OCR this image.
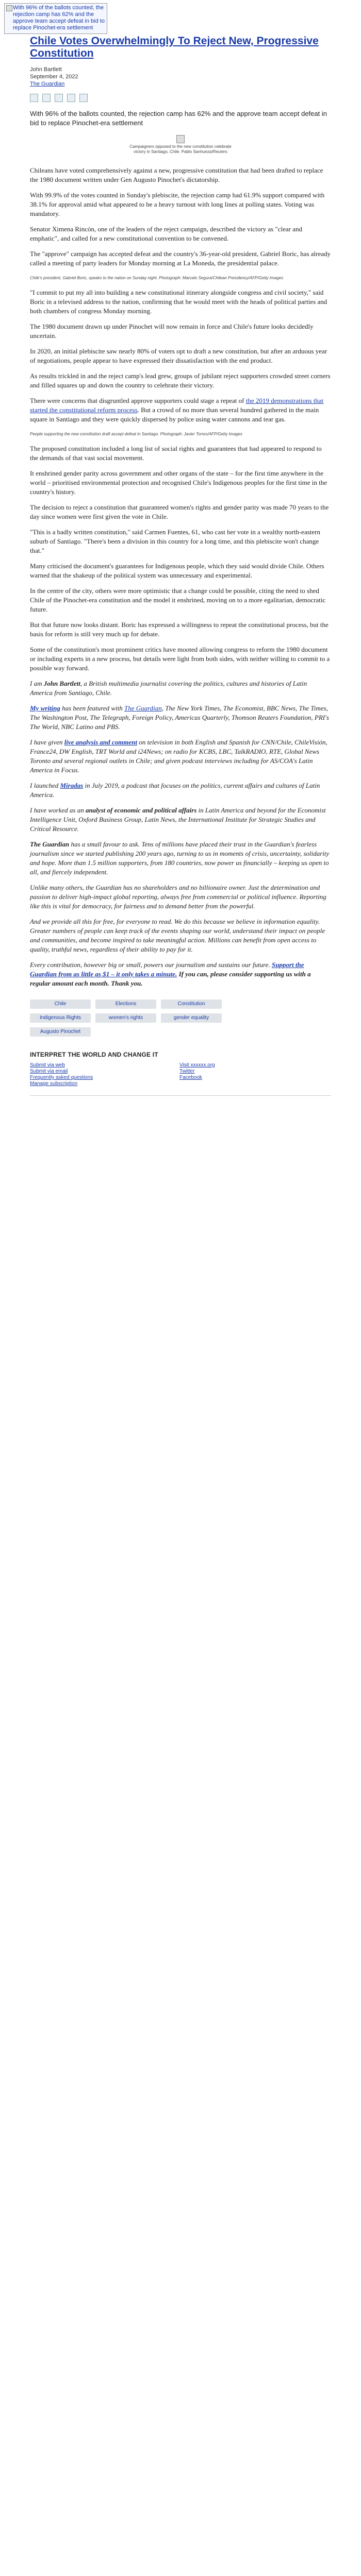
With 96% of the ballots counted, the rejection camp has 62% and the approve team accept defeat in bid to replace Pinochet-era settlement
Chile Votes Overwhelmingly To Reject New, Progressive Constitution
John Bartlett
September 4, 2022
The Guardian

With 96% of the ballots counted, the rejection camp has 62% and the approve team accept defeat in bid to replace Pinochet-era settlement

Campaigners opposed to the new constitution celebrate victory in Santiago, Chile. Pablo Sanhueza/Reuters

Chileans have voted comprehensively against a new, progressive constitution that had been drafted to replace the 1980 document written under Gen Augusto Pinochet's dictatorship.

With 99.9% of the votes counted in Sunday's plebiscite, the rejection camp had 61.9% support compared with 38.1% for approval amid what appeared to be a heavy turnout with long lines at polling states. Voting was mandatory.

Senator Ximena Rincón, one of the leaders of the reject campaign, described the victory as "clear and emphatic", and called for a new constitutional convention to be convened.

The "approve" campaign has accepted defeat and the country's 36-year-old president, Gabriel Boric, has already called a meeting of party leaders for Monday morning at La Moneda, the presidential palace.

Chile's president, Gabriel Boric, speaks to the nation on Sunday night. Photograph: Marcelo Segura/Chilean Presidency/AFP/Getty Images

"I commit to put my all into building a new constitutional itinerary alongside congress and civil society," said Boric in a televised address to the nation, confirming that he would meet with the heads of political parties and both chambers of congress Monday morning.

The 1980 document drawn up under Pinochet will now remain in force and Chile's future looks decidedly uncertain.

In 2020, an initial plebiscite saw nearly 80% of voters opt to draft a new constitution, but after an arduous year of negotiations, people appear to have expressed their dissatisfaction with the end product.

As results trickled in and the reject camp's lead grew, groups of jubilant reject supporters crowded street corners and filled squares up and down the country to celebrate their victory.

There were concerns that disgruntled approve supporters could stage a repeat of the 2019 demonstrations that started the constitutional reform process. But a crowd of no more than several hundred gathered in the main square in Santiago and they were quickly dispersed by police using water cannons and tear gas.

People supporting the new constitution draft accept defeat in Santiago. Photograph: Javier Torres/AFP/Getty Images

The proposed constitution included a long list of social rights and guarantees that had appeared to respond to the demands of that vast social movement.

It enshrined gender parity across government and other organs of the state – for the first time anywhere in the world – prioritised environmental protection and recognised Chile's Indigenous peoples for the first time in the country's history.

The decision to reject a constitution that guaranteed women's rights and gender parity was made 70 years to the day since women were first given the vote in Chile.

"This is a badly written constitution," said Carmen Fuentes, 61, who cast her vote in a wealthy north-eastern suburb of Santiago. "There's been a division in this country for a long time, and this plebiscite won't change that."

Many criticised the document's guarantees for Indigenous people, which they said would divide Chile. Others warned that the shakeup of the political system was unnecessary and experimental.

In the centre of the city, others were more optimistic that a change could be possible, citing the need to shed Chile of the Pinochet-era constitution and the model it enshrined, moving on to a more egalitarian, democratic future.

But that future now looks distant. Boric has expressed a willingness to repeat the constitutional process, but the basis for reform is still very much up for debate.

Some of the constitution's most prominent critics have mooted allowing congress to reform the 1980 document or including experts in a new process, but details were light from both sides, with neither willing to commit to a possible way forward.

I am John Bartlett, a British multimedia journalist covering the politics, cultures and histories of Latin America from Santiago, Chile.

My writing has been featured with The Guardian, The New York Times, The Economist, BBC News, The Times, The Washington Post, The Telegraph, Foreign Policy, Americas Quarterly, Thomson Reuters Foundation, PRI's The World, NBC Latino and PBS.

I have given live analysis and comment on television in both English and Spanish for CNN/Chile, ChileVisión, France24, DW English, TRT World and i24News; on radio for KCBS, LBC, TalkRADIO, RTE, Global News Toronto and several regional outlets in Chile; and given podcast interviews including for AS/COA's Latin America in Focus.

I launched Miradas in July 2019, a podcast that focuses on the politics, current affairs and cultures of Latin America.

I have worked as an analyst of economic and political affairs in Latin America and beyond for the Economist Intelligence Unit, Oxford Business Group, Latin News, the International Institute for Strategic Studies and Critical Resource.

The Guardian has a small favour to ask. Tens of millions have placed their trust in the Guardian's fearless journalism since we started publishing 200 years ago, turning to us in moments of crisis, uncertainty, solidarity and hope. More than 1.5 million supporters, from 180 countries, now power us financially – keeping us open to all, and fiercely independent.

Unlike many others, the Guardian has no shareholders and no billionaire owner. Just the determination and passion to deliver high-impact global reporting, always free from commercial or political influence. Reporting like this is vital for democracy, for fairness and to demand better from the powerful.

And we provide all this for free, for everyone to read. We do this because we believe in information equality. Greater numbers of people can keep track of the events shaping our world, understand their impact on people and communities, and become inspired to take meaningful action. Millions can benefit from open access to quality, truthful news, regardless of their ability to pay for it.

Every contribution, however big or small, powers our journalism and sustains our future. Support the Guardian from as little as $1 – it only takes a minute. If you can, please consider supporting us with a regular amount each month. Thank you.

Chile	Elections	Constitution
Indigenous Rights	women's rights	gender equality
Augusto Pinochet
INTERPRET THE WORLD AND CHANGE IT
Submit via web
Submit via email
Frequently asked questions
Manage subscription
Visit xxxxxx.org
Twitter
Facebook
